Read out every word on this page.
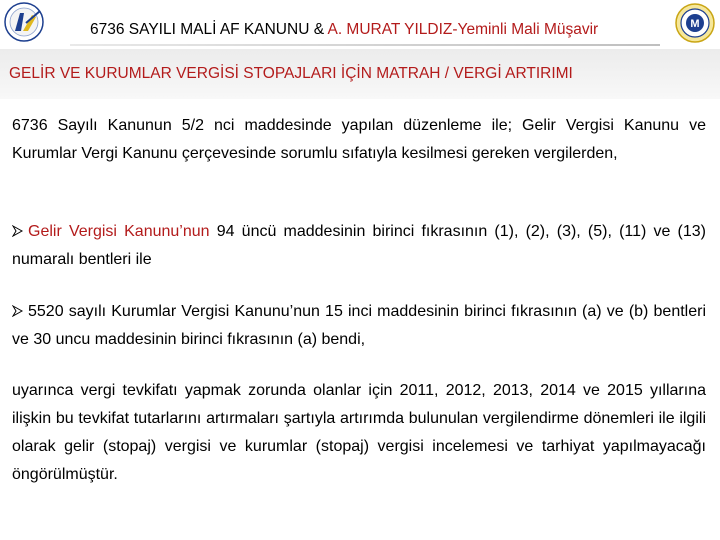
6736 SAYILI MALİ AF KANUNU & A. MURAT YILDIZ-Yeminli Mali Müşavir	M
GELİR VE KURUMLAR VERGİSİ STOPAJLARI İÇİN MATRAH / VERGİ ARTIRIMI
6736 Sayılı Kanunun 5/2 nci maddesinde yapılan düzenleme ile; Gelir Vergisi Kanunu ve Kurumlar Vergi Kanunu çerçevesinde sorumlu sıfatıyla kesilmesi gereken vergilerden,
Gelir Vergisi Kanunu’nun 94 üncü maddesinin birinci fıkrasının (1), (2), (3), (5), (11) ve (13) numaralı bentleri ile
5520 sayılı Kurumlar Vergisi Kanunu’nun 15 inci maddesinin birinci fıkrasının (a) ve (b) bentleri ve 30 uncu maddesinin birinci fıkrasının (a) bendi,
uyarınca vergi tevkifatı yapmak zorunda olanlar için 2011, 2012, 2013, 2014 ve 2015 yıllarına ilişkin bu tevkifat tutarlarını artırmaları şartıyla artırımda bulunulan vergilendirme dönemleri ile ilgili olarak gelir (stopaj) vergisi ve kurumlar (stopaj) vergisi incelemesi ve tarhiyat yapılmayacağı öngörülmüştür.
